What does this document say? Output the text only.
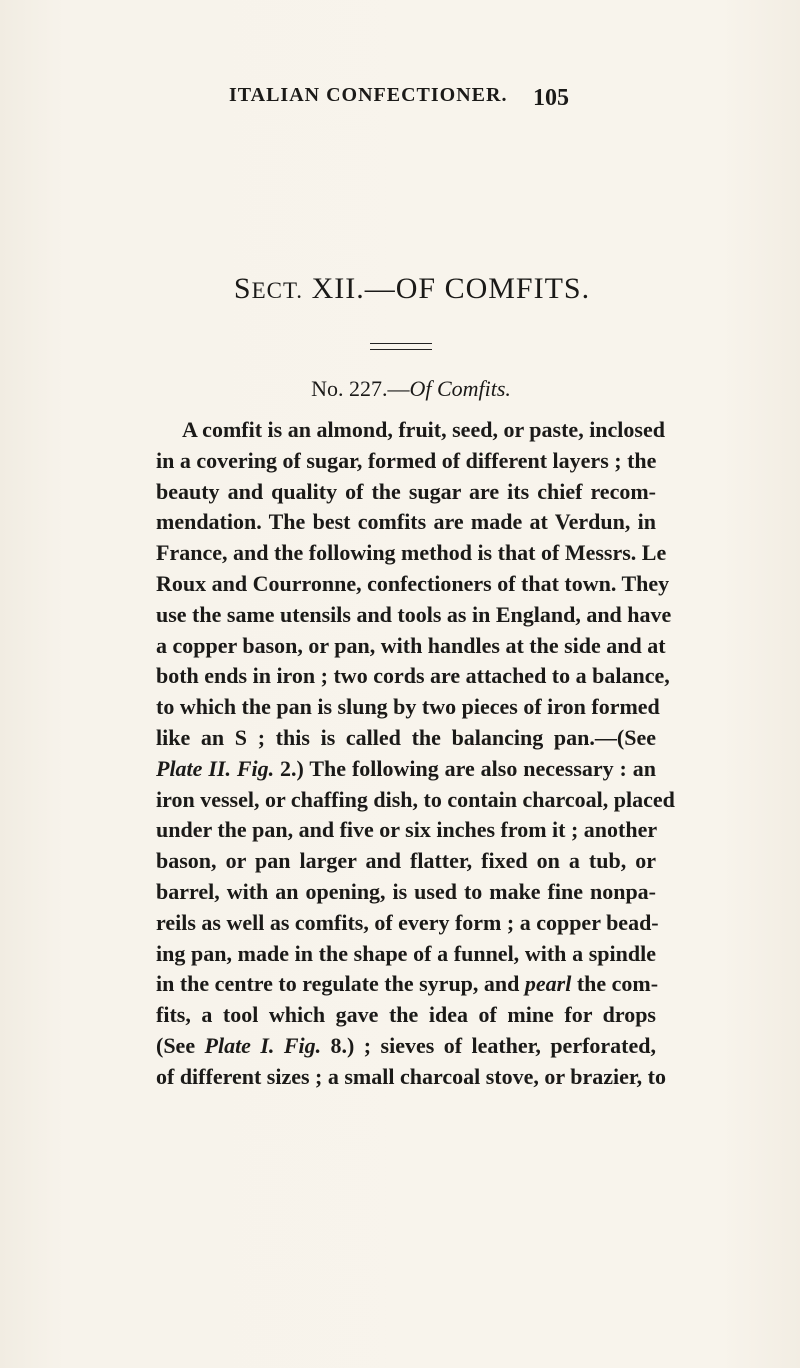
ITALIAN CONFECTIONER. 105
SECT. XII.—OF COMFITS.
No. 227.—Of Comfits.
A comfit is an almond, fruit, seed, or paste, inclosed
in a covering of sugar, formed of different layers ; the
beauty and quality of the sugar are its chief recom-
mendation. The best comfits are made at Verdun, in
France, and the following method is that of Messrs. Le
Roux and Courronne, confectioners of that town. They
use the same utensils and tools as in England, and have
a copper bason, or pan, with handles at the side and at
both ends in iron ; two cords are attached to a balance,
to which the pan is slung by two pieces of iron formed
like an S ; this is called the balancing pan.—(See
Plate II. Fig. 2.) The following are also necessary : an
iron vessel, or chaffing dish, to contain charcoal, placed
under the pan, and five or six inches from it ; another
bason, or pan larger and flatter, fixed on a tub, or
barrel, with an opening, is used to make fine nonpa-
reils as well as comfits, of every form ; a copper bead-
ing pan, made in the shape of a funnel, with a spindle
in the centre to regulate the syrup, and pearl the com-
fits, a tool which gave the idea of mine for drops
(See Plate I. Fig. 8.) ; sieves of leather, perforated,
of different sizes ; a small charcoal stove, or brazier, to
